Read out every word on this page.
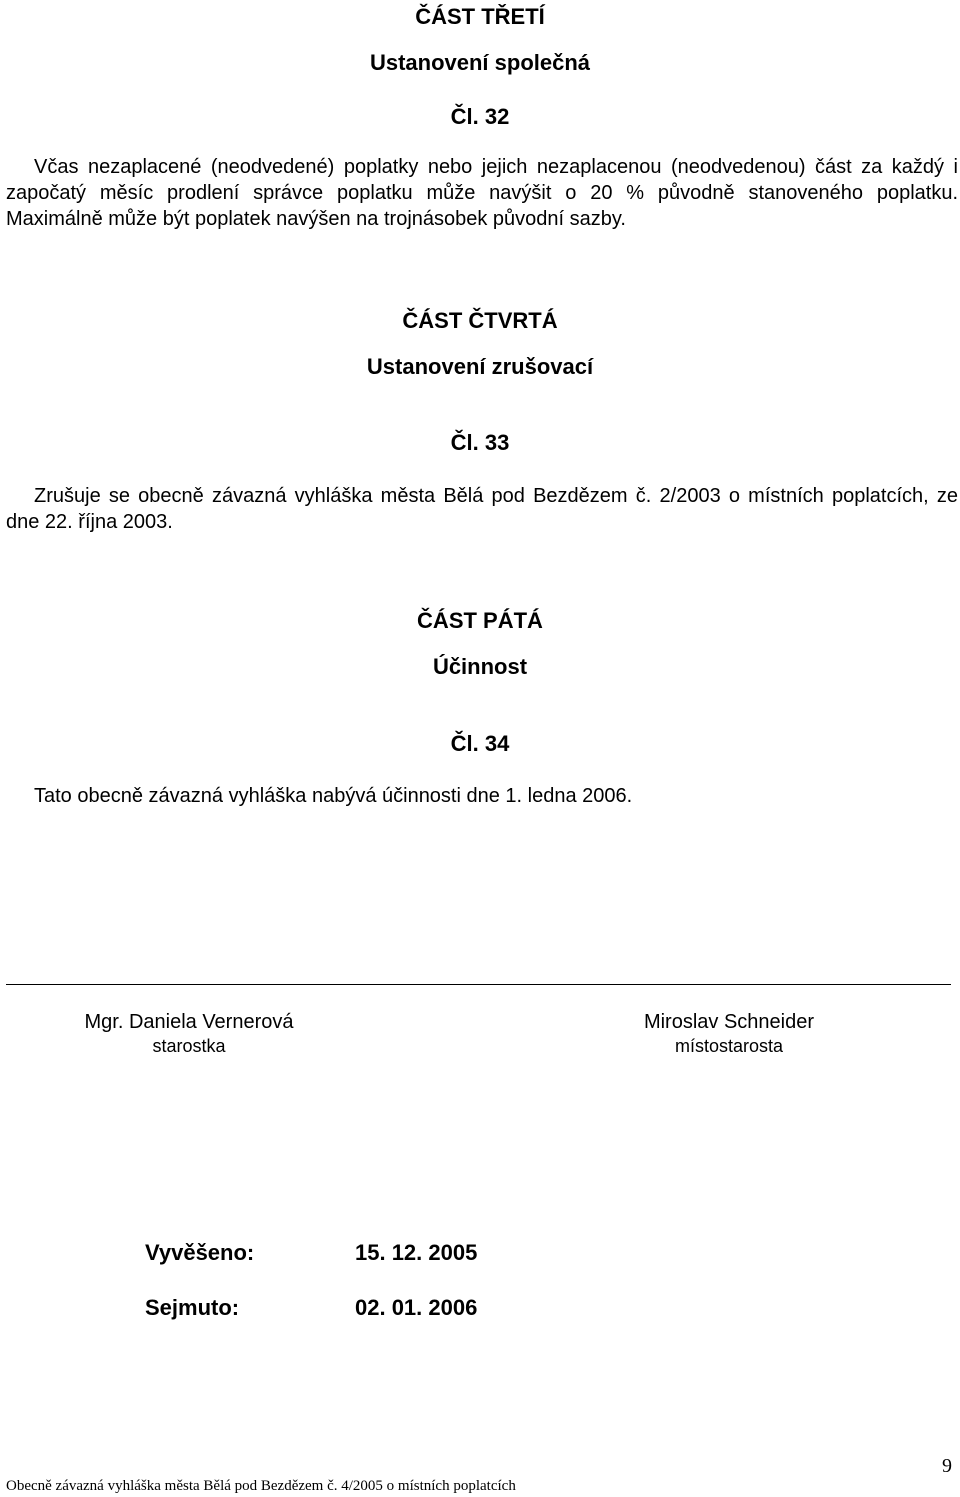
ČÁST TŘETÍ
Ustanovení společná
Čl. 32
Včas nezaplacené (neodvedené) poplatky nebo jejich nezaplacenou (neodvedenou) část za každý i započatý měsíc prodlení správce poplatku může navýšit o 20 % původně stanoveného poplatku. Maximálně může být poplatek navýšen na trojnásobek původní sazby.
ČÁST ČTVRTÁ
Ustanovení zrušovací
Čl. 33
Zrušuje se obecně závazná vyhláška města Bělá pod Bezdězem č. 2/2003 o místních poplatcích, ze dne 22. října 2003.
ČÁST PÁTÁ
Účinnost
Čl. 34
Tato obecně závazná vyhláška nabývá účinnosti dne 1. ledna 2006.
Mgr. Daniela Vernerová
starostka
Miroslav Schneider
místostarosta
Vyvěšeno:	15. 12. 2005
Sejmuto:	02. 01. 2006
Obecně závazná vyhláška města Bělá pod Bezdězem č. 4/2005 o místních poplatcích
9
